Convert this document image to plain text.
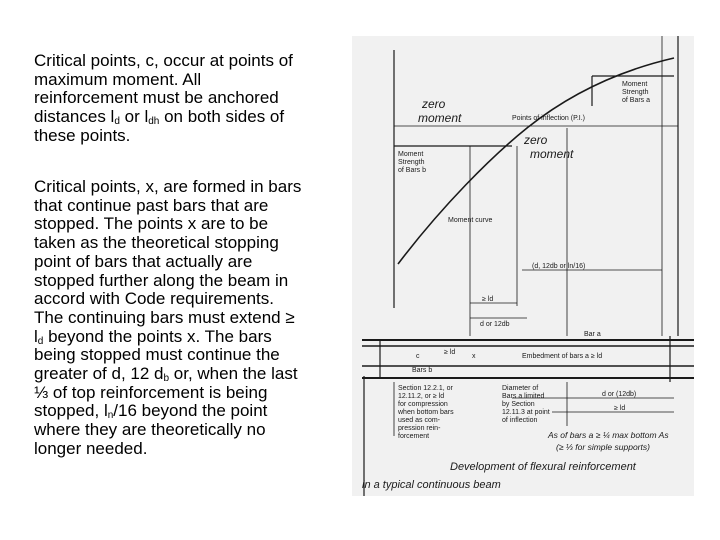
Critical points, c, occur at points of
maximum moment. All
reinforcement must be anchored
distances $l_d$ or $l_{dh}$ on both sides of
these points.
Critical points, x, are formed in bars
that continue past bars that are
stopped. The points x are to be
taken as the theoretical stopping
point of bars that actually are
stopped further along the beam in
accord with Code requirements.
The continuing bars must extend ≥
$l_d$ beyond the points x. The bars
being stopped must continue the
greater of d, 12 $d_b$ or, when the last
⅓ of top reinforcement is being
stopped, $l_n/16$ beyond the point
where they are theoretically no
longer needed.
Moment
Strength
of Bars a
Points of inflection (P.I.)
Moment
Strength
of Bars b
Moment curve
(d, 12db or ln/16)
≥ ld
d or 12db
Bar a
Embedment of bars a ≥ ld
Bars b
c	x
≥ ld
Section 12.2.1, or
12.11.2, or ≥ ld
for compression
when bottom bars
used as com-
pression rein-
forcement
Diameter of
Bars a limited
by Section
12.11.3 at point
of inflection
d or (12db)
≥ ld
zero
moment
zero
moment
As of bars a ≥ ¼ max bottom As
(≥ ⅓ for simple supports)
Development of flexural reinforcement
in a typical continuous beam
